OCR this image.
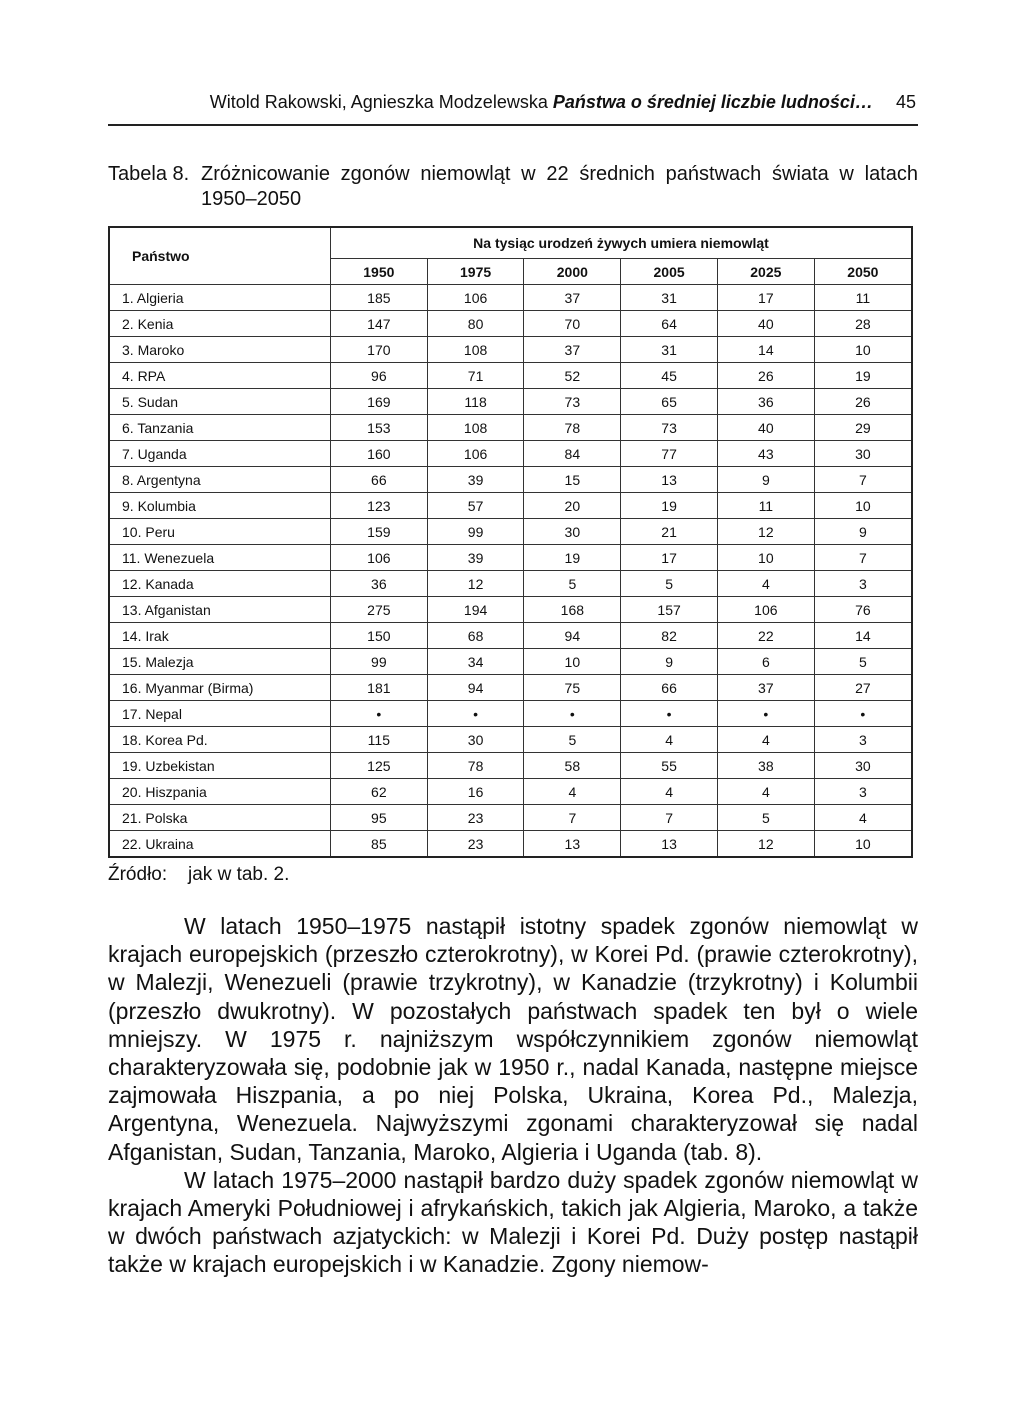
Witold Rakowski, Agnieszka Modzelewska Państwa o średniej liczbie ludności… 45
Tabela 8. Zróżnicowanie zgonów niemowląt w 22 średnich państwach świata w latach
1950–2050
Państwo	Na tysiąc urodzeń żywych umiera niemowląt					
	1950	1975	2000	2005	2025	2050
1. Algieria	185	106	37	31	17	11
2. Kenia	147	80	70	64	40	28
3. Maroko	170	108	37	31	14	10
4. RPA	96	71	52	45	26	19
5. Sudan	169	118	73	65	36	26
6. Tanzania	153	108	78	73	40	29
7. Uganda	160	106	84	77	43	30
8. Argentyna	66	39	15	13	9	7
9. Kolumbia	123	57	20	19	11	10
10. Peru	159	99	30	21	12	9
11. Wenezuela	106	39	19	17	10	7
12. Kanada	36	12	5	5	4	3
13. Afganistan	275	194	168	157	106	76
14. Irak	150	68	94	82	22	14
15. Malezja	99	34	10	9	6	5
16. Myanmar (Birma)	181	94	75	66	37	27
17. Nepal	•	•	•	•	•	•
18. Korea Pd.	115	30	5	4	4	3
19. Uzbekistan	125	78	58	55	38	30
20. Hiszpania	62	16	4	4	4	3
21. Polska	95	23	7	7	5	4
22. Ukraina	85	23	13	13	12	10
Źródło: jak w tab. 2.

W latach 1950–1975 nastąpił istotny spadek zgonów niemowląt w krajach europejskich (przeszło czterokrotny), w Korei Pd. (prawie czterokrotny), w Malezji, Wenezueli (prawie trzykrotny), w Kanadzie (trzykrotny) i Kolumbii (przeszło dwukrotny). W pozostałych państwach spadek ten był o wiele mniejszy. W 1975 r. najniższym współczynnikiem zgonów niemowląt charakteryzowała się, podobnie jak w 1950 r., nadal Kanada, następne miejsce zajmowała Hiszpania, a po niej Polska, Ukraina, Korea Pd., Malezja, Argentyna, Wenezuela. Najwyższymi zgonami charakteryzował się nadal Afganistan, Sudan, Tanzania, Maroko, Algieria i Uganda (tab. 8).

W latach 1975–2000 nastąpił bardzo duży spadek zgonów niemowląt w krajach Ameryki Południowej i afrykańskich, takich jak Algieria, Maroko, a także w dwóch państwach azjatyckich: w Malezji i Korei Pd. Duży postęp nastąpił także w krajach europejskich i w Kanadzie. Zgony niemow-
